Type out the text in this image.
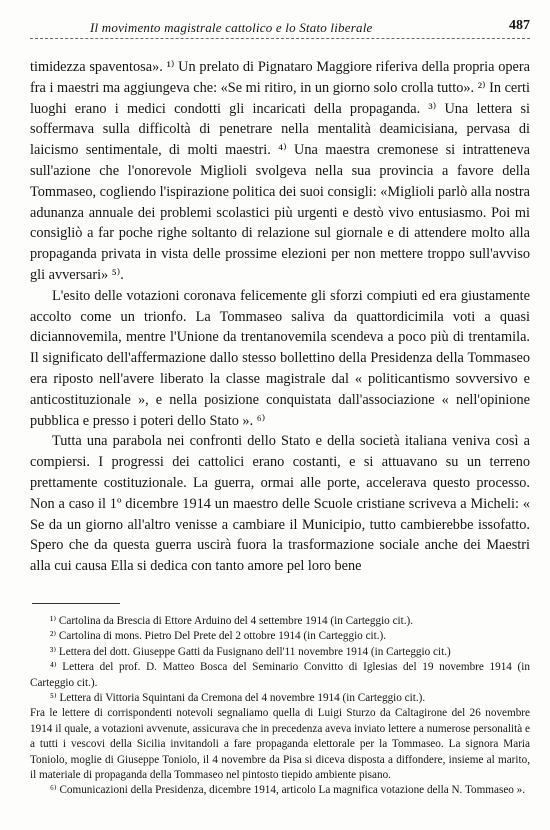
Il movimento magistrale cattolico e lo Stato liberale	487

timidezza spaventosa». ¹⁾ Un prelato di Pignataro Maggiore riferiva della propria opera fra i maestri ma aggiungeva che: «Se mi ritiro, in un giorno solo crolla tutto». ²⁾ In certi luoghi erano i medici condotti gli incaricati della propaganda. ³⁾ Una lettera si soffermava sulla difficoltà di penetrare nella mentalità deamicisiana, pervasa di laicismo sentimentale, di molti maestri. ⁴⁾ Una maestra cremonese si intratteneva sull'azione che l'onorevole Miglioli svolgeva nella sua provincia a favore della Tommaseo, cogliendo l'ispirazione politica dei suoi consigli: «Miglioli parlò alla nostra adunanza annuale dei problemi scolastici più urgenti e destò vivo entusiasmo. Poi mi consigliò a far poche righe soltanto di relazione sul giornale e di attendere molto alla propaganda privata in vista delle prossime elezioni per non mettere troppo sull'avviso gli avversari» ⁵⁾.

L'esito delle votazioni coronava felicemente gli sforzi compiuti ed era giustamente accolto come un trionfo. La Tommaseo saliva da quattordicimila voti a quasi diciannovemila, mentre l'Unione da trentanovemila scendeva a poco più di trentamila. Il significato dell'affermazione dallo stesso bollettino della Presidenza della Tommaseo era riposto nell'avere liberato la classe magistrale dal « politicantismo sovversivo e anticostituzionale », e nella posizione conquistata dall'associazione « nell'opinione pubblica e presso i poteri dello Stato ». ⁶⁾

Tutta una parabola nei confronti dello Stato e della società italiana veniva così a compiersi. I progressi dei cattolici erano costanti, e si attuavano su un terreno prettamente costituzionale. La guerra, ormai alle porte, accelerava questo processo. Non a caso il 1º dicembre 1914 un maestro delle Scuole cristiane scriveva a Micheli: « Se da un giorno all'altro venisse a cambiare il Municipio, tutto cambierebbe issofatto. Spero che da questa guerra uscirà fuora la trasformazione sociale anche dei Maestri alla cui causa Ella si dedica con tanto amore pel loro bene

¹⁾ Cartolina da Brescia di Ettore Arduino del 4 settembre 1914 (in Carteggio cit.).

²⁾ Cartolina di mons. Pietro Del Prete del 2 ottobre 1914 (in Carteggio cit.).

³⁾ Lettera del dott. Giuseppe Gatti da Fusignano dell'11 novembre 1914 (in Carteggio cit.)

⁴⁾ Lettera del prof. D. Matteo Bosca del Seminario Convitto di Iglesias del 19 novembre 1914 (in Carteggio cit.).

⁵⁾ Lettera di Vittoria Squintani da Cremona del 4 novembre 1914 (in Carteggio cit.).

Fra le lettere di corrispondenti notevoli segnaliamo quella di Luigi Sturzo da Caltagirone del 26 novembre 1914 il quale, a votazioni avvenute, assicurava che in precedenza aveva inviato lettere a numerose personalità e a tutti i vescovi della Sicilia invitandoli a fare propaganda elettorale per la Tommaseo. La signora Maria Toniolo, moglie di Giuseppe Toniolo, il 4 novembre da Pisa si diceva disposta a diffondere, insieme al marito, il materiale di propaganda della Tommaseo nel pintosto tiepido ambiente pisano.

⁶⁾ Comunicazioni della Presidenza, dicembre 1914, articolo La magnifica votazione della N. Tommaseo ».
